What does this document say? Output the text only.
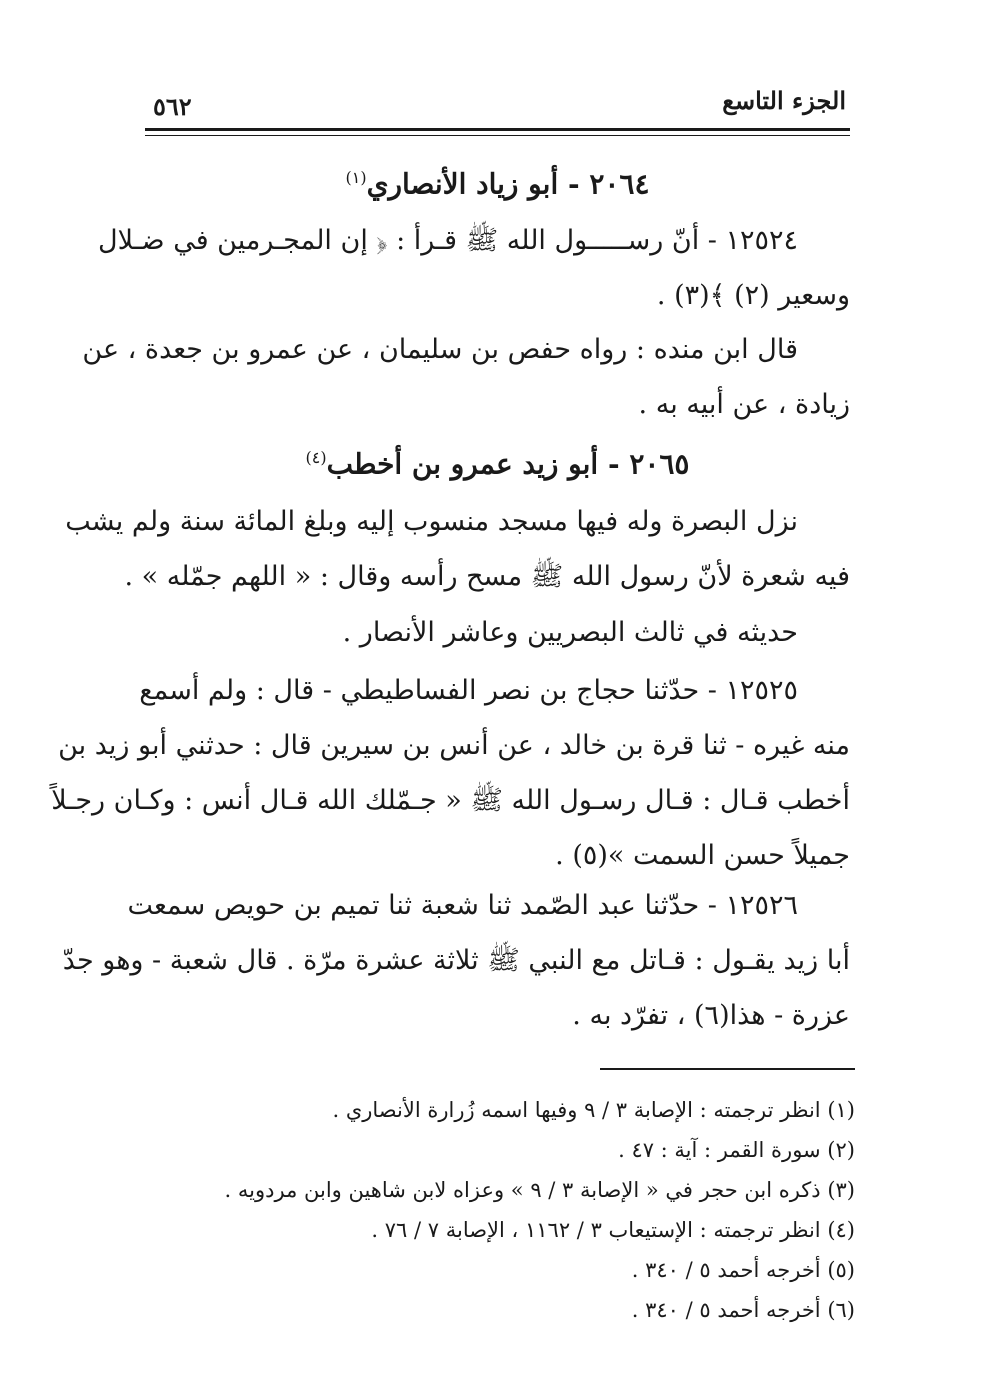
الجزء التاسع
٥٦٢
٢٠٦٤ - أبو زياد الأنصاري$^{(١)}$
١٢٥٢٤ - أنّ رســـــول الله ﷺ قـرأ : ﴿ إن المجـرمين في ضـلال
وسعير (٢) ﴾(٣) .
قال ابن منده : رواه حفص بن سليمان ، عن عمرو بن جعدة ، عن
زيادة ، عن أبيه به .
٢٠٦٥ - أبو زيد عمرو بن أخطب$^{(٤)}$
نزل البصرة وله فيها مسجد منسوب إليه وبلغ المائة سنة ولم يشب
فيه شعرة لأنّ رسول الله ﷺ مسح رأسه وقال : « اللهم جمّله » .
حديثه في ثالث البصريين وعاشر الأنصار .
١٢٥٢٥ - حدّثنا حجاج بن نصر الفساطيطي - قال : ولم أسمع
منه غيره - ثنا قرة بن خالد ، عن أنس بن سيرين قال : حدثني أبو زيد بن
أخطب قـال : قـال رسـول الله ﷺ « جـمّلك الله قـال أنس : وكـان رجـلاً
جميلاً حسن السمت »(٥) .
١٢٥٢٦ - حدّثنا عبد الصّمد ثنا شعبة ثنا تميم بن حويص سمعت
أبا زيد يقـول : قـاتل مع النبي ﷺ ثلاثة عشرة مرّة . قال شعبة - وهو جدّ
عزرة - هذا(٦) ، تفرّد به .
(١) انظر ترجمته : الإصابة ٣ / ٩ وفيها اسمه زُرارة الأنصاري .
(٢) سورة القمر : آية : ٤٧ .
(٣) ذكره ابن حجر في « الإصابة ٣ / ٩ » وعزاه لابن شاهين وابن مردويه .
(٤) انظر ترجمته : الإستيعاب ٣ / ١١٦٢ ، الإصابة ٧ / ٧٦ .
(٥) أخرجه أحمد ٥ / ٣٤٠ .
(٦) أخرجه أحمد ٥ / ٣٤٠ .
